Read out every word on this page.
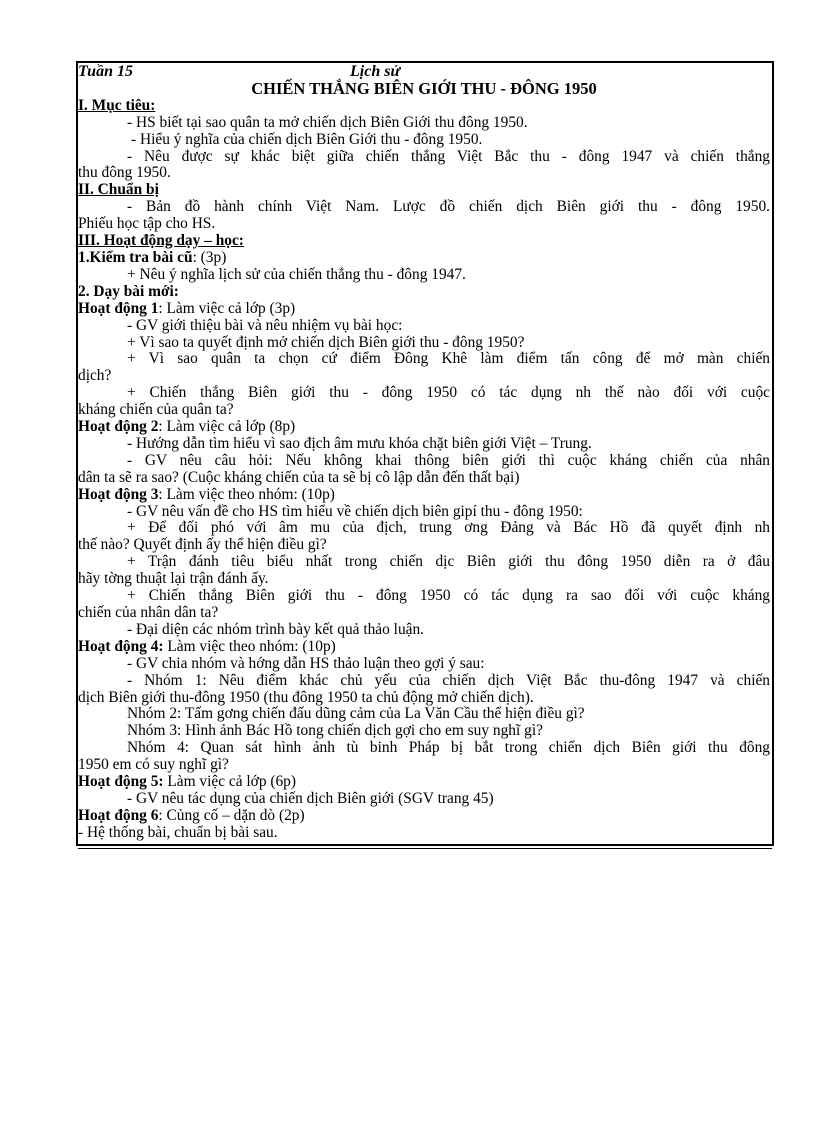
Tuần 15	Lịch sử
CHIẾN THẮNG BIÊN GIỚI THU - ĐÔNG 1950
I. Mục tiêu:
- HS biết tại sao quân ta mở chiến dịch Biên Giới thu đông 1950.
- Hiểu ý nghĩa của chiến dịch Biên Giới thu - đông 1950.
- Nêu được sự khác biệt giữa chiến thắng Việt Bắc thu - đông 1947 và chiến thắng
thu đông 1950.
II. Chuẩn bị
- Bản đồ hành chính Việt Nam. Lược đồ chiến dịch Biên giới thu - đông 1950.
Phiếu học tập cho HS.
III. Hoạt động dạy – học:
1.Kiểm tra bài cũ: (3p)
+ Nêu ý nghĩa lịch sử của chiến thắng thu - đông 1947.
2. Dạy bài mới:
Hoạt động 1: Làm việc cả lớp (3p)
- GV giới thiệu bài và nêu nhiệm vụ bài học:
+ Vì sao ta quyết định mở chiến dịch Biên giới thu - đông 1950?
+ Vì sao quân ta chọn cứ điểm Đông Khê làm điểm tấn công để mở màn chiến
dịch?
+ Chiến thắng Biên giới thu - đông 1950 có tác dụng nh thế nào đối với cuộc
kháng chiến của quân ta?
Hoạt động 2: Làm việc cả lớp (8p)
- Hướng dẫn tìm hiểu vì sao địch âm mưu khóa chặt biên giới Việt – Trung.
- GV nêu câu hỏi: Nếu không khai thông biên giới thì cuộc kháng chiến của nhân
dân ta sẽ ra sao? (Cuộc kháng chiến của ta sẽ bị cô lập dẫn đến thất bại)
Hoạt động 3: Làm việc theo nhóm: (10p)
- GV nêu vấn đề cho HS tìm hiểu về chiến dịch biên gipí thu - đông 1950:
+ Để đối phó với âm mu của địch, trung ơng Đảng và Bác Hồ đã quyết định nh
thế nào? Quyết định ấy thể hiện điều gì?
+ Trận đánh tiêu biểu nhất trong chiến dịc Biên giới thu đông 1950 diễn ra ở đâu
hãy tờng thuật lại trận đánh ấy.
+ Chiến thắng Biên giới thu - đông 1950 có tác dụng ra sao đối với cuộc kháng
chiến của nhân dân ta?
- Đại diện các nhóm trình bày kết quả thảo luận.
Hoạt động 4: Làm việc theo nhóm: (10p)
- GV chia nhóm và hớng dẫn HS thảo luận theo gợi ý sau:
- Nhóm 1: Nêu điểm khác chủ yếu của chiến dịch Việt Bắc thu-đông 1947 và chiến
dịch Biên giới thu-đông 1950 (thu đông 1950 ta chủ động mở chiến dịch).
Nhóm 2: Tấm gơng chiến đấu dũng cảm của La Văn Cầu thể hiện điều gì?
Nhóm 3: Hình ảnh Bác Hồ tong chiến dịch gợi cho em suy nghĩ gì?
Nhóm 4: Quan sát hình ảnh tù binh Pháp bị bắt trong chiến dịch Biên giới thu đông
1950 em có suy nghĩ gì?
Hoạt động 5: Làm việc cả lớp (6p)
- GV nêu tác dụng của chiến dịch Biên giới (SGV trang 45)
Hoạt động 6: Củng cố – dặn dò (2p)
- Hệ thống bài, chuẩn bị bài sau.
